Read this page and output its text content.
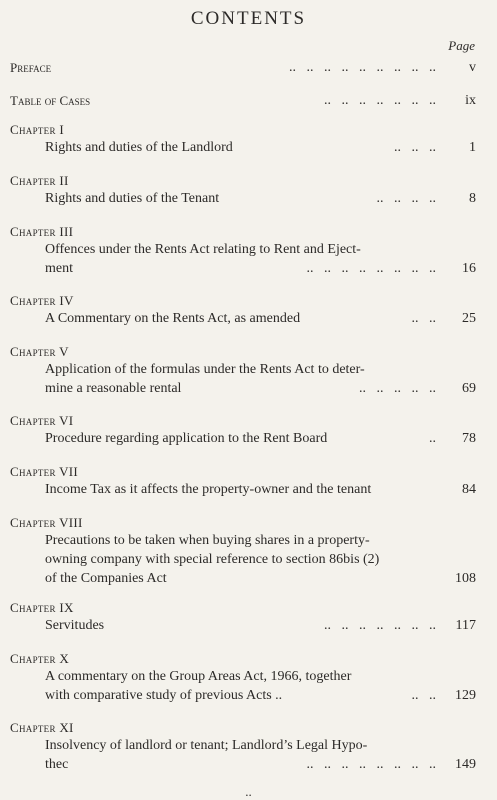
CONTENTS
Page
Preface	..   ..   ..   ..   ..   ..   ..   ..   .. v
Table of Cases	..   ..   ..   ..   ..   ..   .. ix
Chapter I
Rights and duties of the Landlord	..   ..   .. 1
Chapter II
Rights and duties of the Tenant	..   ..   ..   .. 8
Chapter III
Offences under the Rents Act relating to Rent and Eject-
ment	..   ..   ..   ..   ..   ..   ..   .. 16
Chapter IV
A Commentary on the Rents Act, as amended	..   .. 25
Chapter V
Application of the formulas under the Rents Act to deter-
mine a reasonable rental	..   ..   ..   ..   .. 69
Chapter VI
Procedure regarding application to the Rent Board	.. 78
Chapter VII
Income Tax as it affects the property-owner and the tenant	84
Chapter VIII
Precautions to be taken when buying shares in a property-
owning company with special reference to section 86bis (2)
of the Companies Act	108
Chapter IX
Servitudes	..   ..   ..   ..   ..   ..   .. 117
Chapter X
A commentary on the Group Areas Act, 1966, together
with comparative study of previous Acts ..	..   .. 129
Chapter XI
Insolvency of landlord or tenant; Landlord’s Legal Hypo-
thec	..   ..   ..   ..   ..   ..   ..   .. 149
..
